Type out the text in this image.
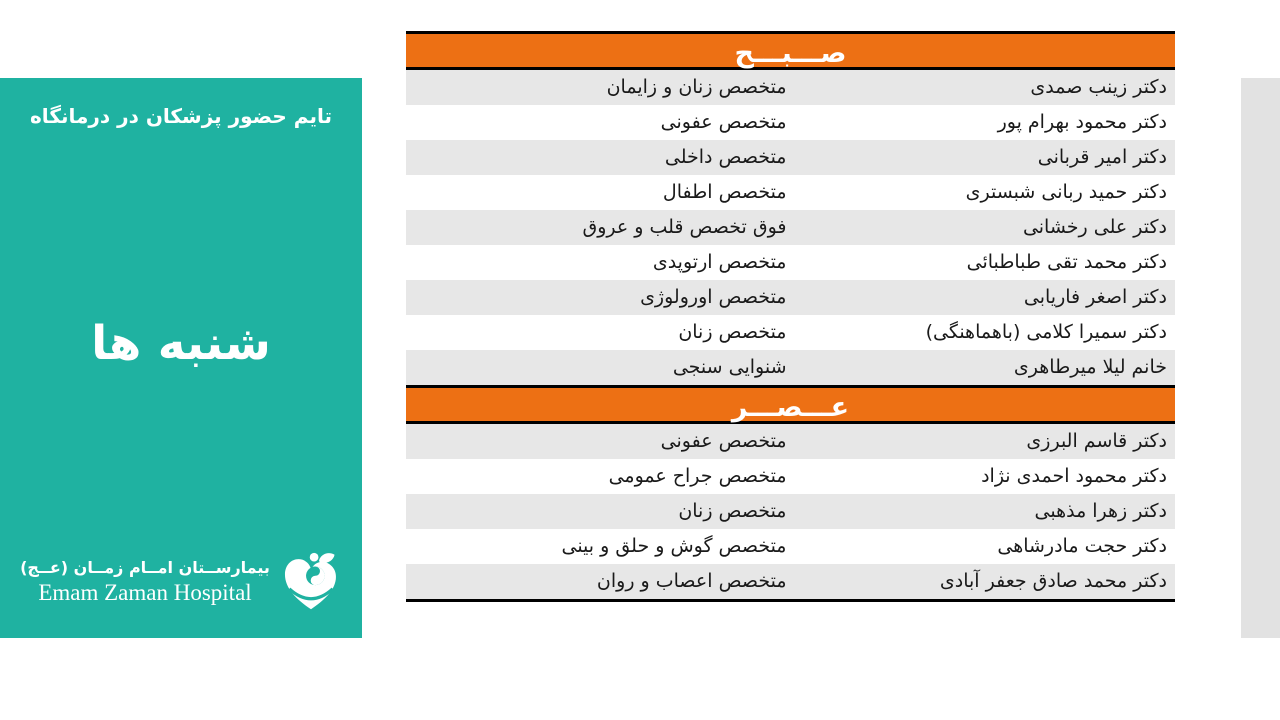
تایم حضور پزشکان در درمانگاه
شنبه ها
بیمارســتان امــام زمــان (عــج)
Emam Zaman Hospital
صـــبـــح
دکتر زینب صمدی
متخصص زنان و زایمان
دکتر محمود بهرام پور
متخصص عفونی
دکتر امیر قربانی
متخصص داخلی
دکتر حمید ربانی شبستری
متخصص اطفال
دکتر علی رخشانی
فوق تخصص قلب و عروق
دکتر محمد تقی طباطبائی
متخصص ارتوپدی
دکتر اصغر فاریابی
متخصص اورولوژی
دکتر سمیرا کلامی (باهماهنگی)
متخصص زنان
خانم لیلا میرطاهری
شنوایی سنجی
عـــصـــر
دکتر قاسم البرزی
متخصص عفونی
دکتر محمود احمدی نژاد
متخصص جراح عمومی
دکتر زهرا مذهبی
متخصص زنان
دکتر حجت مادرشاهی
متخصص گوش و حلق و بینی
دکتر محمد صادق جعفر آبادی
متخصص اعصاب و روان
